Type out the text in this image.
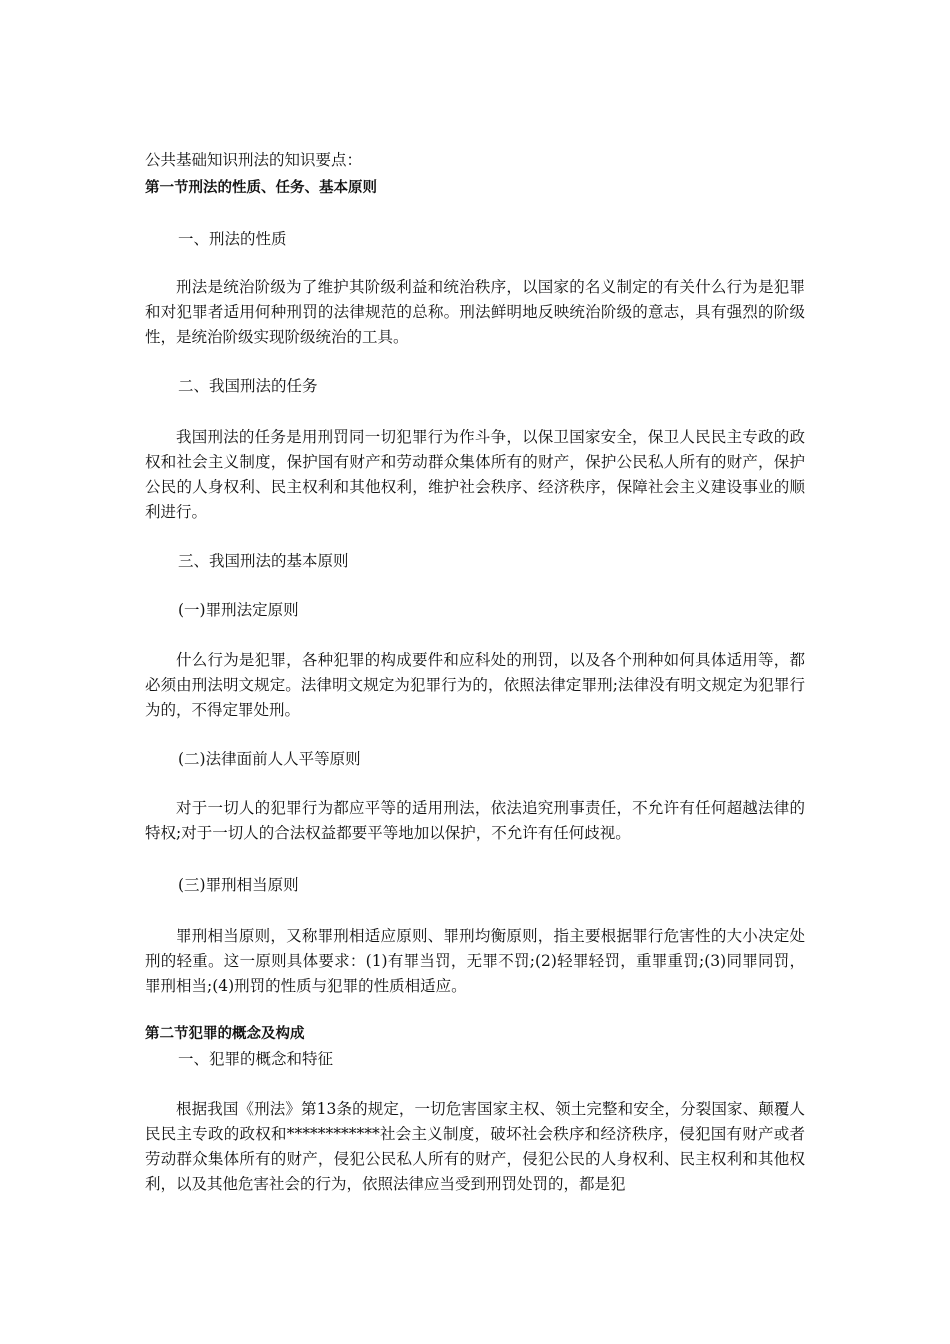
公共基础知识刑法的知识要点：
第一节刑法的性质、任务、基本原则
一、刑法的性质
刑法是统治阶级为了维护其阶级利益和统治秩序，以国家的名义制定的有关什么行为是犯罪和对犯罪者适用何种刑罚的法律规范的总称。刑法鲜明地反映统治阶级的意志，具有强烈的阶级性，是统治阶级实现阶级统治的工具。
二、我国刑法的任务
我国刑法的任务是用刑罚同一切犯罪行为作斗争，以保卫国家安全，保卫人民民主专政的政权和社会主义制度，保护国有财产和劳动群众集体所有的财产，保护公民私人所有的财产，保护公民的人身权利、民主权利和其他权利，维护社会秩序、经济秩序，保障社会主义建设事业的顺利进行。
三、我国刑法的基本原则
(一)罪刑法定原则
什么行为是犯罪，各种犯罪的构成要件和应科处的刑罚，以及各个刑种如何具体适用等，都必须由刑法明文规定。法律明文规定为犯罪行为的，依照法律定罪刑;法律没有明文规定为犯罪行为的，不得定罪处刑。
(二)法律面前人人平等原则
对于一切人的犯罪行为都应平等的适用刑法，依法追究刑事责任，不允许有任何超越法律的特权;对于一切人的合法权益都要平等地加以保护，不允许有任何歧视。
(三)罪刑相当原则
罪刑相当原则，又称罪刑相适应原则、罪刑均衡原则，指主要根据罪行危害性的大小决定处刑的轻重。这一原则具体要求：(1)有罪当罚，无罪不罚;(2)轻罪轻罚，重罪重罚;(3)同罪同罚，罪刑相当;(4)刑罚的性质与犯罪的性质相适应。
第二节犯罪的概念及构成
一、犯罪的概念和特征
根据我国《刑法》第13条的规定，一切危害国家主权、领土完整和安全，分裂国家、颠覆人民民主专政的政权和************社会主义制度，破坏社会秩序和经济秩序，侵犯国有财产或者劳动群众集体所有的财产，侵犯公民私人所有的财产，侵犯公民的人身权利、民主权利和其他权利，以及其他危害社会的行为，依照法律应当受到刑罚处罚的，都是犯
